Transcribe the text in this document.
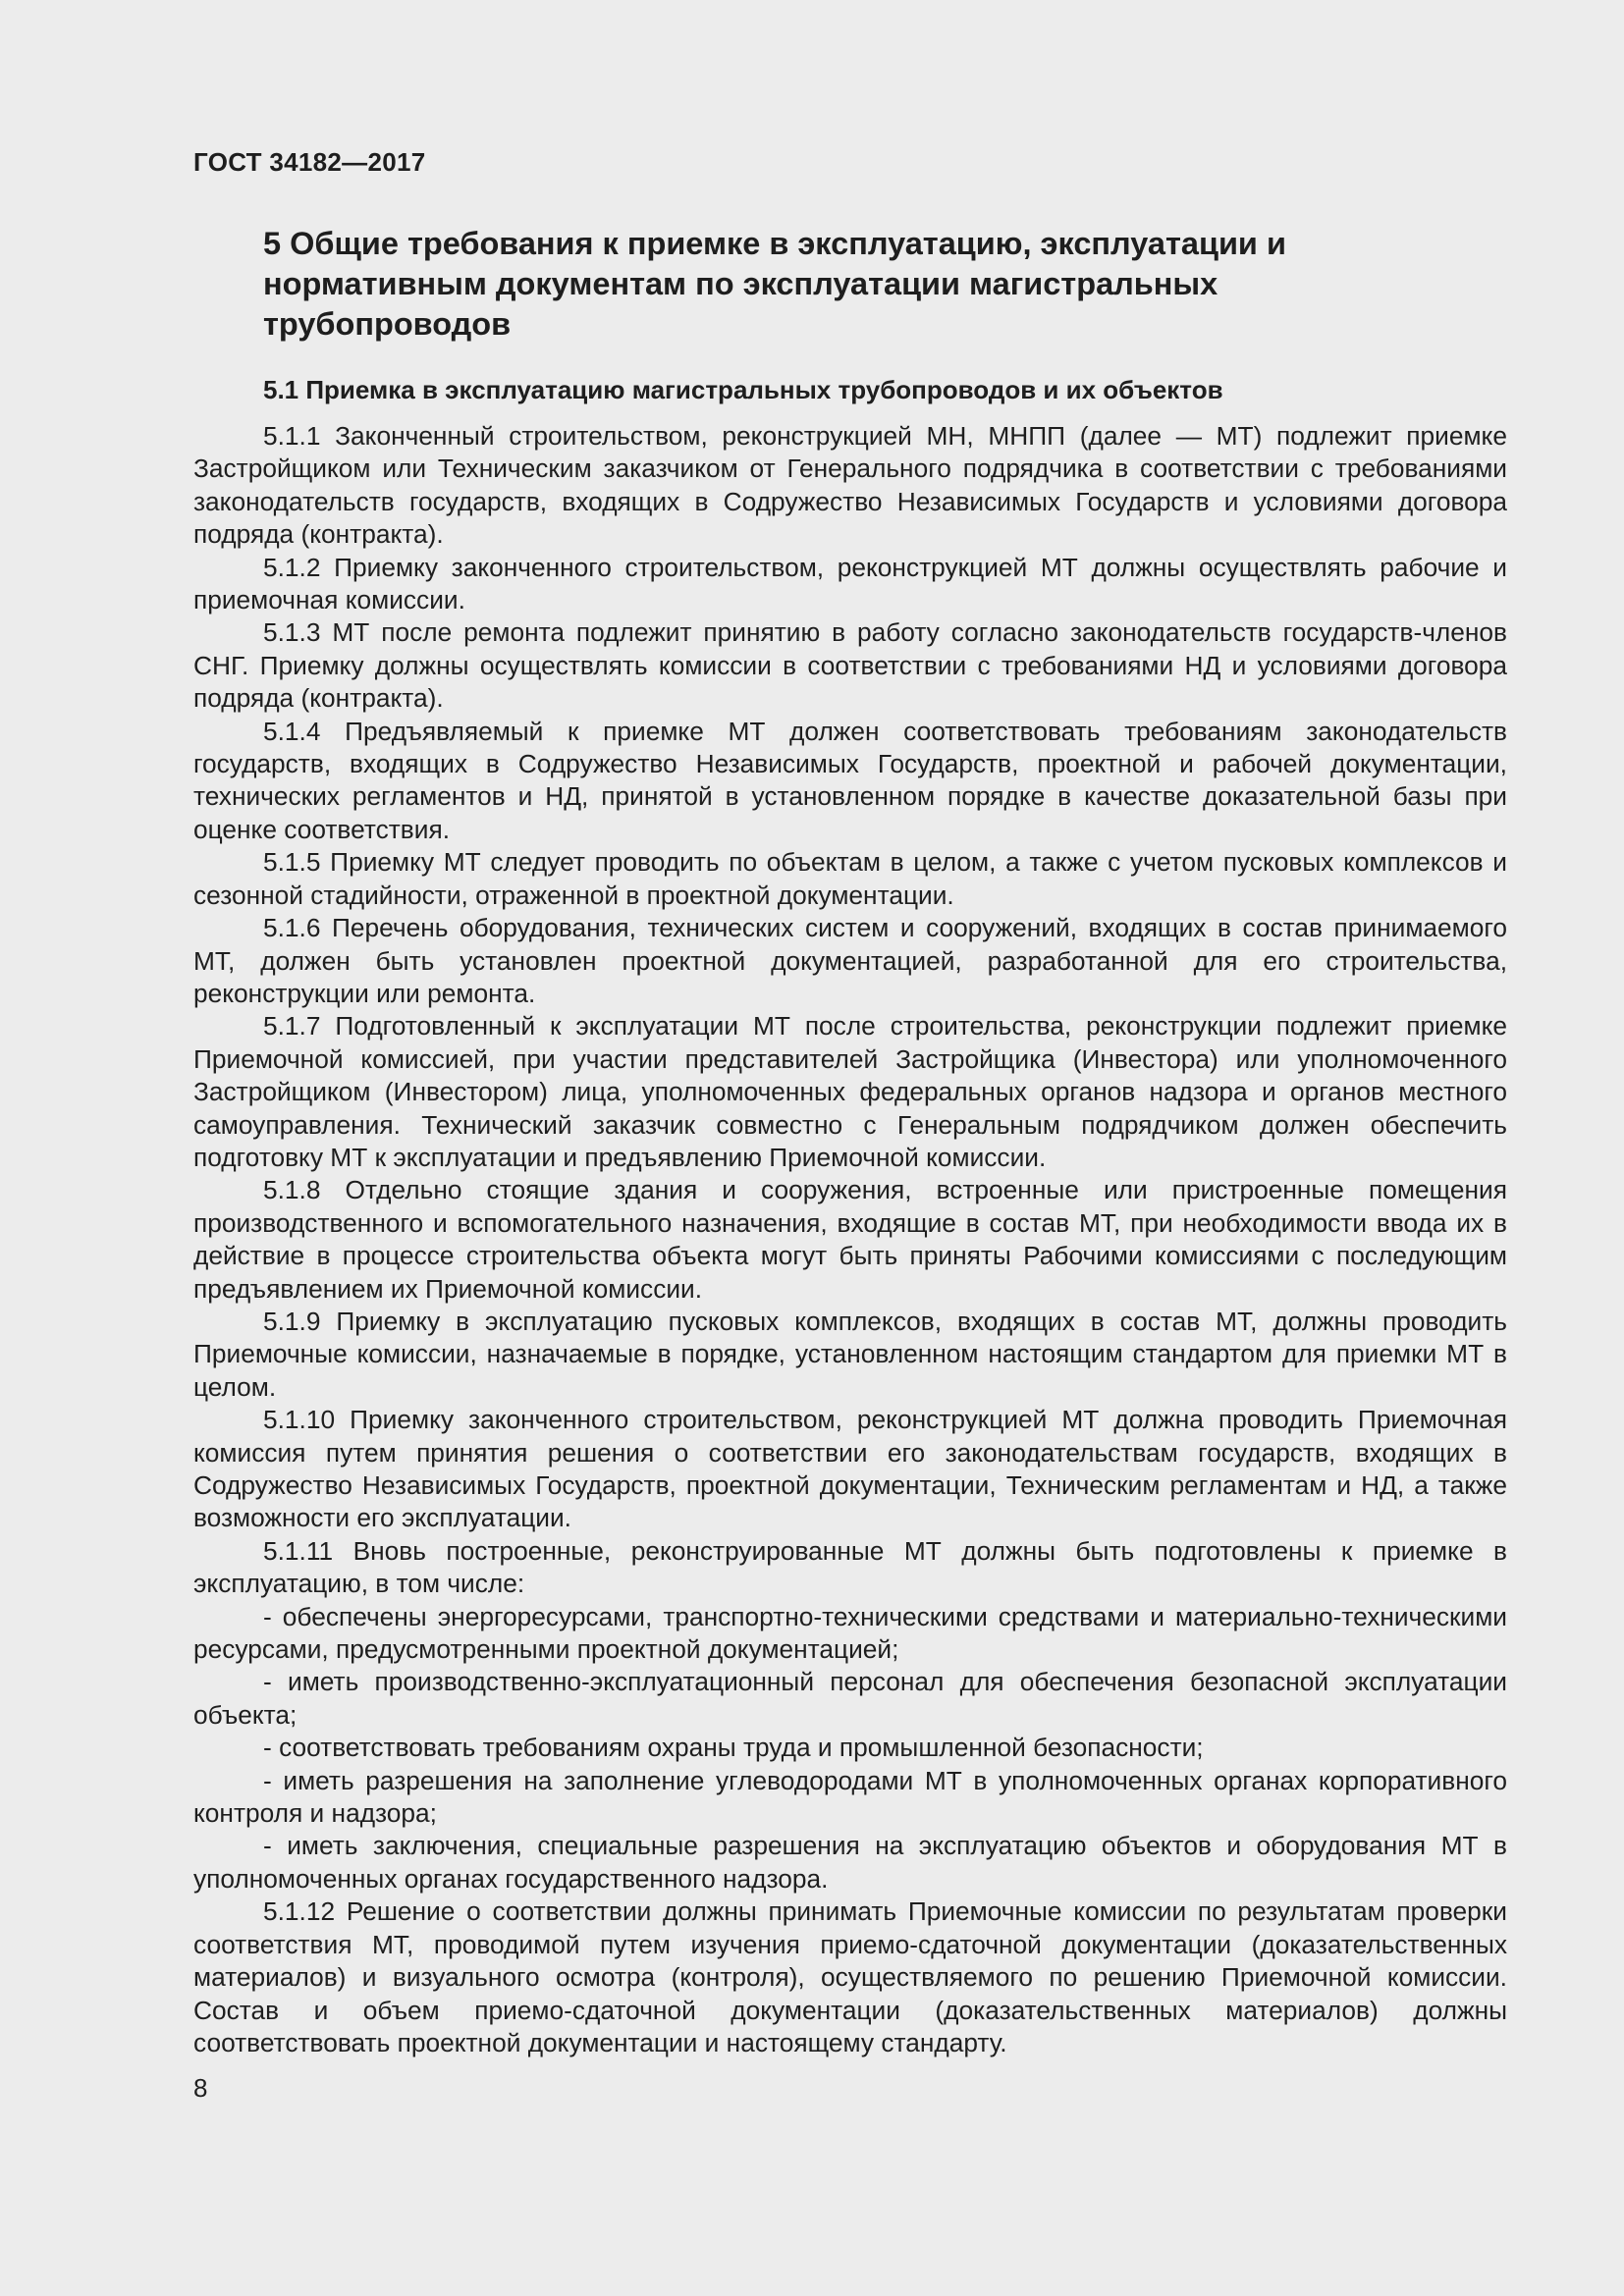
ГОСТ 34182—2017
5 Общие требования к приемке в эксплуатацию, эксплуатации и нормативным документам по эксплуатации магистральных трубопроводов
5.1 Приемка в эксплуатацию магистральных трубопроводов и их объектов

5.1.1 Законченный строительством, реконструкцией МН, МНПП (далее — МТ) подлежит приемке Застройщиком или Техническим заказчиком от Генерального подрядчика в соответствии с требованиями законодательств государств, входящих в Содружество Независимых Государств и условиями договора подряда (контракта).

5.1.2 Приемку законченного строительством, реконструкцией МТ должны осуществлять рабочие и приемочная комиссии.

5.1.3 МТ после ремонта подлежит принятию в работу согласно законодательств государств-членов СНГ. Приемку должны осуществлять комиссии в соответствии с требованиями НД и условиями договора подряда (контракта).

5.1.4 Предъявляемый к приемке МТ должен соответствовать требованиям законодательств государств, входящих в Содружество Независимых Государств, проектной и рабочей документации, технических регламентов и НД, принятой в установленном порядке в качестве доказательной базы при оценке соответствия.

5.1.5 Приемку МТ следует проводить по объектам в целом, а также с учетом пусковых комплексов и сезонной стадийности, отраженной в проектной документации.

5.1.6 Перечень оборудования, технических систем и сооружений, входящих в состав принимаемого МТ, должен быть установлен проектной документацией, разработанной для его строительства, реконструкции или ремонта.

5.1.7 Подготовленный к эксплуатации МТ после строительства, реконструкции подлежит приемке Приемочной комиссией, при участии представителей Застройщика (Инвестора) или уполномоченного Застройщиком (Инвестором) лица, уполномоченных федеральных органов надзора и органов местного самоуправления. Технический заказчик совместно с Генеральным подрядчиком должен обеспечить подготовку МТ к эксплуатации и предъявлению Приемочной комиссии.

5.1.8 Отдельно стоящие здания и сооружения, встроенные или пристроенные помещения производственного и вспомогательного назначения, входящие в состав МТ, при необходимости ввода их в действие в процессе строительства объекта могут быть приняты Рабочими комиссиями с последующим предъявлением их Приемочной комиссии.

5.1.9 Приемку в эксплуатацию пусковых комплексов, входящих в состав МТ, должны проводить Приемочные комиссии, назначаемые в порядке, установленном настоящим стандартом для приемки МТ в целом.

5.1.10 Приемку законченного строительством, реконструкцией МТ должна проводить Приемочная комиссия путем принятия решения о соответствии его законодательствам государств, входящих в Содружество Независимых Государств, проектной документации, Техническим регламентам и НД, а также возможности его эксплуатации.

5.1.11 Вновь построенные, реконструированные МТ должны быть подготовлены к приемке в эксплуатацию, в том числе:

- обеспечены энергоресурсами, транспортно-техническими средствами и материально-техническими ресурсами, предусмотренными проектной документацией;

- иметь производственно-эксплуатационный персонал для обеспечения безопасной эксплуатации объекта;

- соответствовать требованиям охраны труда и промышленной безопасности;

- иметь разрешения на заполнение углеводородами МТ в уполномоченных органах корпоративного контроля и надзора;

- иметь заключения, специальные разрешения на эксплуатацию объектов и оборудования МТ в уполномоченных органах государственного надзора.

5.1.12 Решение о соответствии должны принимать Приемочные комиссии по результатам проверки соответствия МТ, проводимой путем изучения приемо-сдаточной документации (доказательственных материалов) и визуального осмотра (контроля), осуществляемого по решению Приемочной комиссии. Состав и объем приемо-сдаточной документации (доказательственных материалов) должны соответствовать проектной документации и настоящему стандарту.

8
